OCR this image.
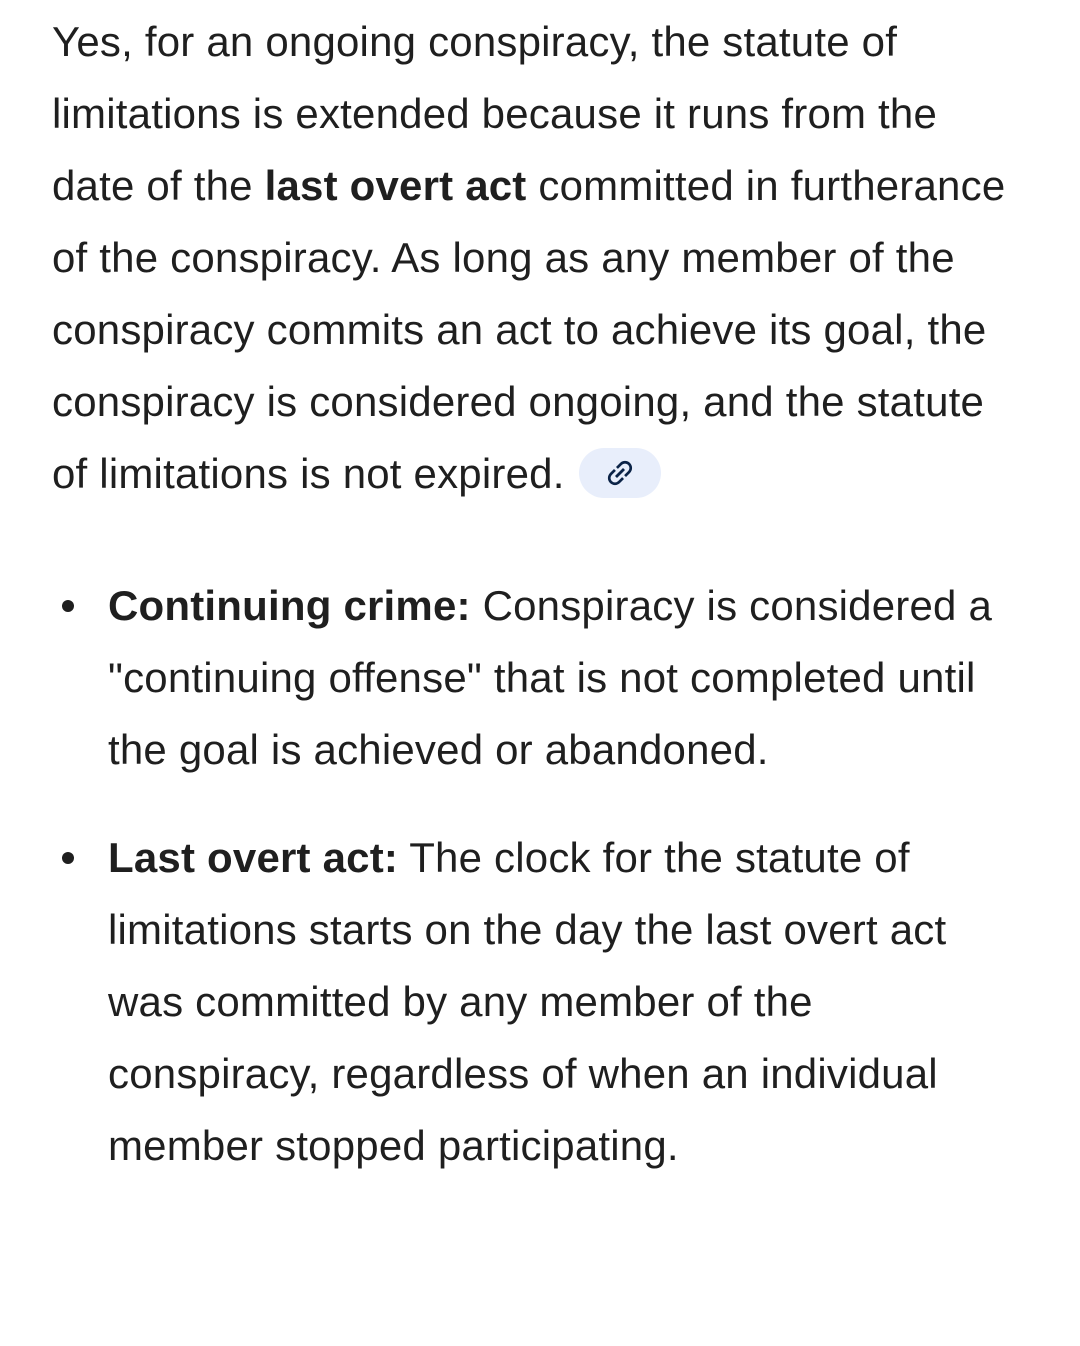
Yes, for an ongoing conspiracy, the statute of limitations is extended because it runs from the date of the last overt act committed in furtherance of the conspiracy. As long as any member of the conspiracy commits an act to achieve its goal, the conspiracy is considered ongoing, and the statute of limitations is not expired.

Continuing crime: Conspiracy is considered a "continuing offense" that is not completed until the goal is achieved or abandoned.
Last overt act: The clock for the statute of limitations starts on the day the last overt act was committed by any member of the conspiracy, regardless of when an individual member stopped participating.
